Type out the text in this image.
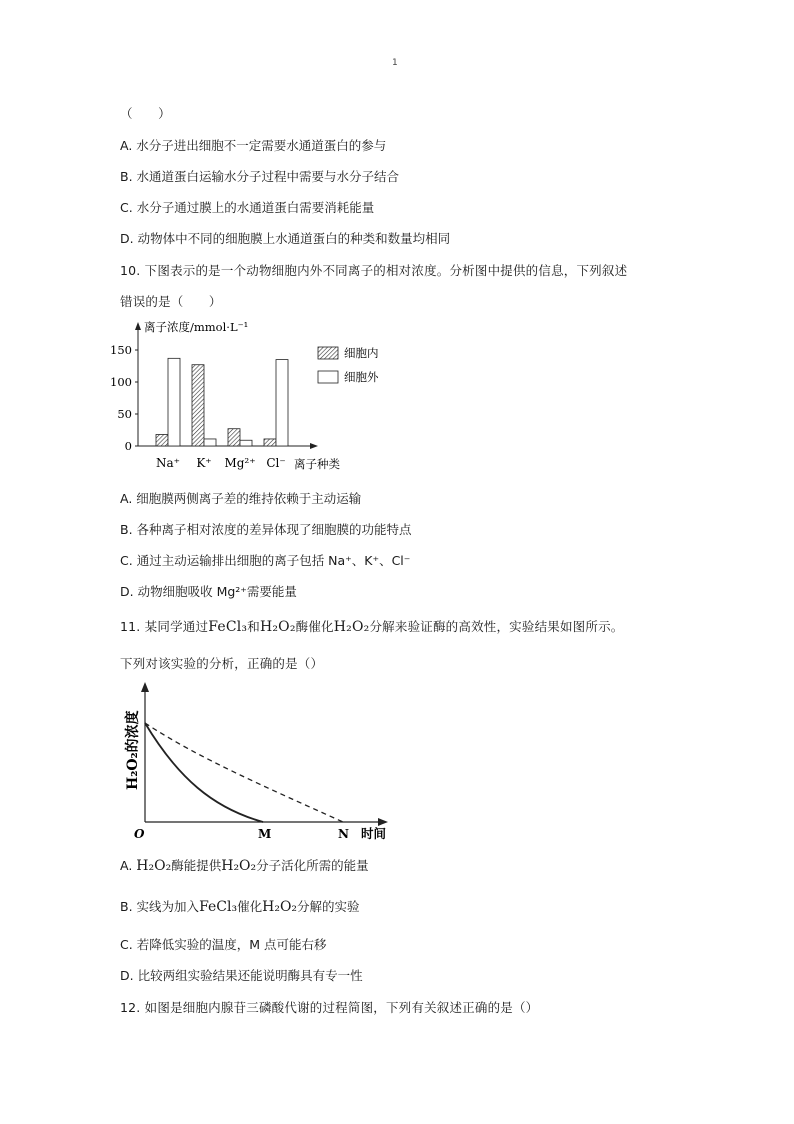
1
（　　）
A. 水分子进出细胞不一定需要水通道蛋白的参与
B. 水通道蛋白运输水分子过程中需要与水分子结合
C. 水分子通过膜上的水通道蛋白需要消耗能量
D. 动物体中不同的细胞膜上水通道蛋白的种类和数量均相同
10. 下图表示的是一个动物细胞内外不同离子的相对浓度。分析图中提供的信息，下列叙述
错误的是（　　）
0
50
100
150
Na⁺ K⁺ Mg²⁺ Cl⁻
离子浓度/mmol·L⁻¹
离子种类
细胞内
细胞外
A. 细胞膜两侧离子差的维持依赖于主动运输
B. 各种离子相对浓度的差异体现了细胞膜的功能特点
C. 通过主动运输排出细胞的离子包括 Na⁺、K⁺、Cl⁻
D. 动物细胞吸收 Mg²⁺需要能量
11. 某同学通过FeCl₃和H₂O₂酶催化H₂O₂分解来验证酶的高效性，实验结果如图所示。
下列对该实验的分析，正确的是（）
H₂O₂的浓度
O	M	N 时间
A. H₂O₂酶能提供H₂O₂分子活化所需的能量
B. 实线为加入FeCl₃催化H₂O₂分解的实验
C. 若降低实验的温度，M 点可能右移
D. 比较两组实验结果还能说明酶具有专一性
12. 如图是细胞内腺苷三磷酸代谢的过程简图，下列有关叙述正确的是（）
